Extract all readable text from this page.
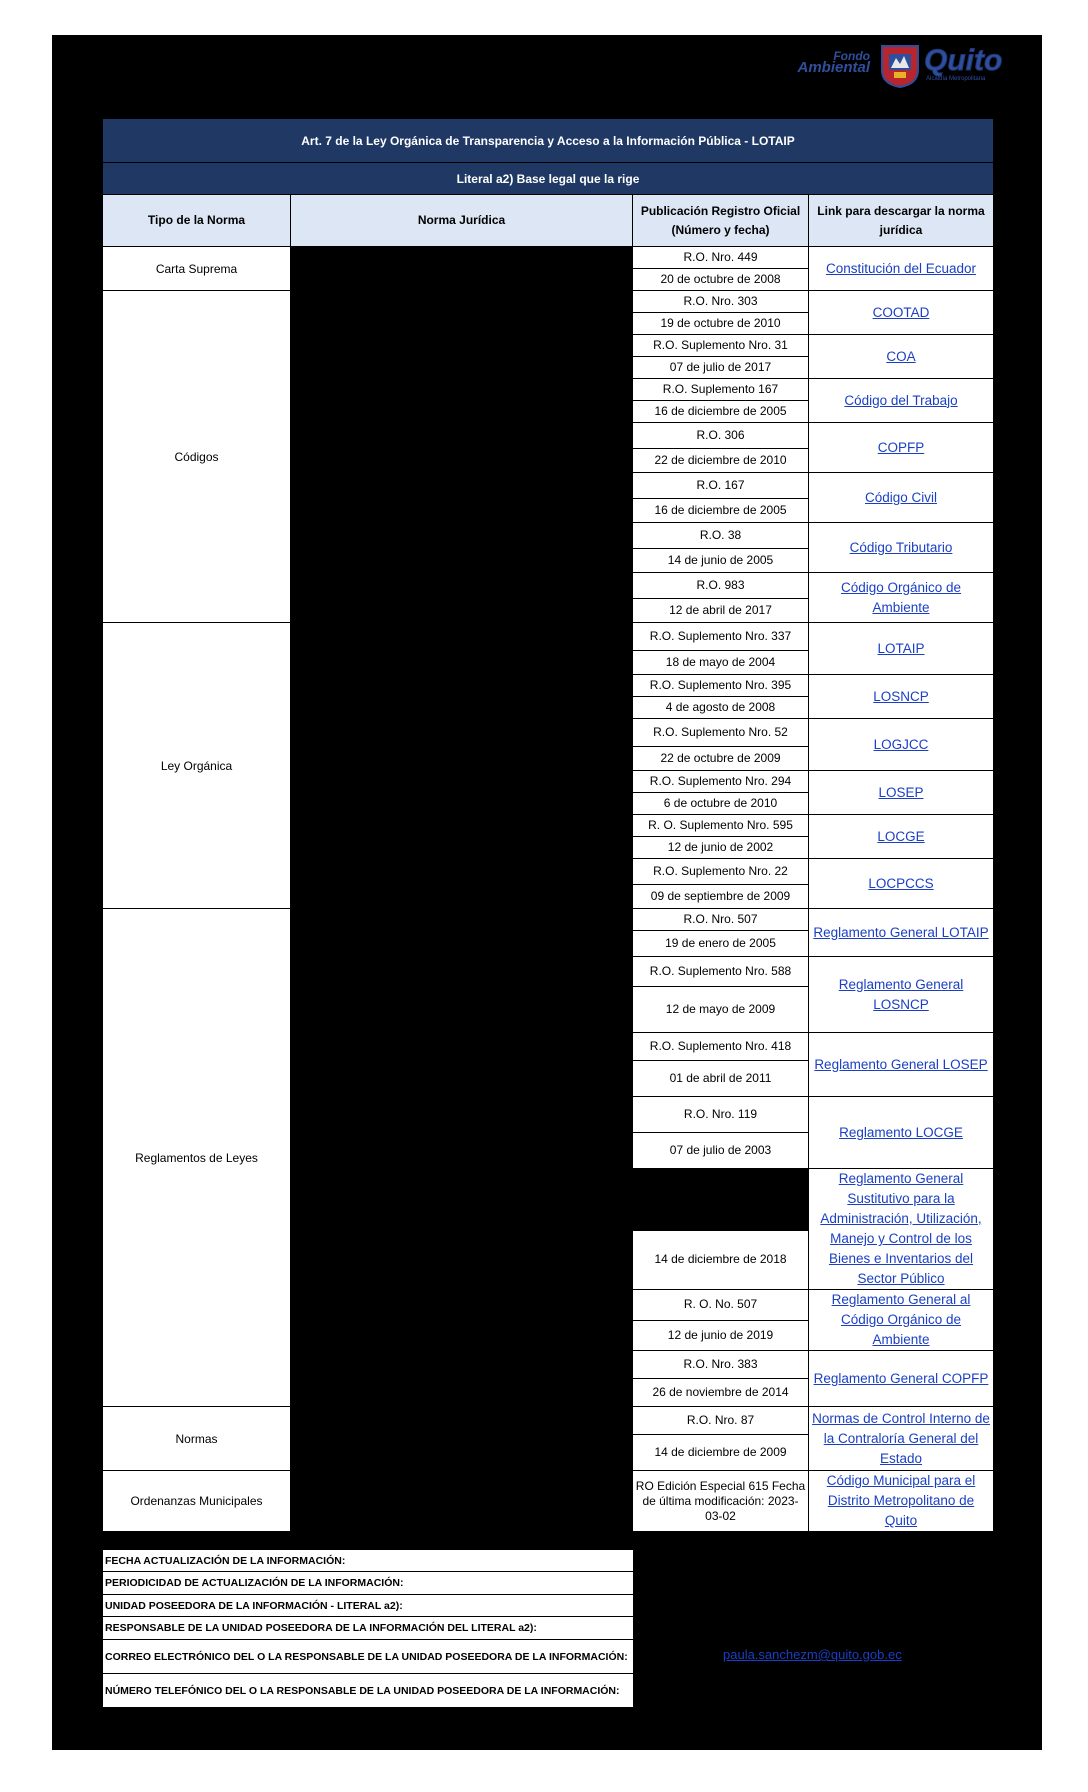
Fondo
Ambiental Quito
Alcaldía Metropolitana
Art. 7 de la Ley Orgánica de Transparencia y Acceso a la Información Pública - LOTAIP			
Literal a2) Base legal que la rige			
Tipo de la Norma	Norma Jurídica	Publicación Registro Oficial (Número y fecha)	Link para descargar la norma jurídica
Carta Suprema		R.O. Nro. 449	Constitución del Ecuador
		20 de octubre de 2008	
Códigos		R.O. Nro. 303	COOTAD
		19 de octubre de 2010	
		R.O. Suplemento Nro. 31	COA
		07 de julio de 2017	
		R.O. Suplemento 167	Código del Trabajo
		16 de diciembre de 2005	
		R.O. 306	COPFP
		22 de diciembre de 2010	
		R.O. 167	Código Civil
		16 de diciembre de 2005	
		R.O. 38	Código Tributario
		14 de junio de 2005	
		R.O. 983	Código Orgánico de Ambiente
		12 de abril de 2017	
Ley Orgánica		R.O. Suplemento Nro. 337	LOTAIP
		18 de mayo de 2004	
		R.O. Suplemento Nro. 395	LOSNCP
		4 de agosto de 2008	
		R.O. Suplemento Nro. 52	LOGJCC
		22 de octubre de 2009	
		R.O. Suplemento Nro. 294	LOSEP
		6 de octubre de 2010	
		R. O. Suplemento Nro. 595	LOCGE
		12 de junio de 2002	
		R.O. Suplemento Nro. 22	LOCPCCS
		09 de septiembre de 2009	
Reglamentos de Leyes		R.O. Nro. 507	Reglamento General LOTAIP
		19 de enero de 2005	
		R.O. Suplemento Nro. 588	Reglamento General LOSNCP
		12 de mayo de 2009	
		R.O. Suplemento Nro. 418	Reglamento General LOSEP
		01 de abril de 2011	
		R.O. Nro. 119	Reglamento LOCGE
		07 de julio de 2003	
			Reglamento General Sustitutivo para la Administración, Utilización, Manejo y Control de los Bienes e Inventarios del Sector Público
		14 de diciembre de 2018	
		R. O. No. 507	Reglamento General al Código Orgánico de Ambiente
		12 de junio de 2019	
		R.O. Nro. 383	Reglamento General COPFP
		26 de noviembre de 2014	
Normas		R.O. Nro. 87	Normas de Control Interno de la Contraloría General del Estado
		14 de diciembre de 2009	
Ordenanzas Municipales		RO Edición Especial 615 Fecha de última modificación: 2023-03-02	Código Municipal para el Distrito Metropolitano de Quito
FECHA ACTUALIZACIÓN DE LA INFORMACIÓN:
PERIODICIDAD DE ACTUALIZACIÓN DE LA INFORMACIÓN:
UNIDAD POSEEDORA DE LA INFORMACIÓN - LITERAL a2):
RESPONSABLE DE LA UNIDAD POSEEDORA DE LA INFORMACIÓN DEL LITERAL a2):
CORREO ELECTRÓNICO DEL O LA RESPONSABLE DE LA UNIDAD POSEEDORA DE LA INFORMACIÓN:
NÚMERO TELEFÓNICO DEL O LA RESPONSABLE DE LA UNIDAD POSEEDORA DE LA INFORMACIÓN:
paula.sanchezm@quito.gob.ec
